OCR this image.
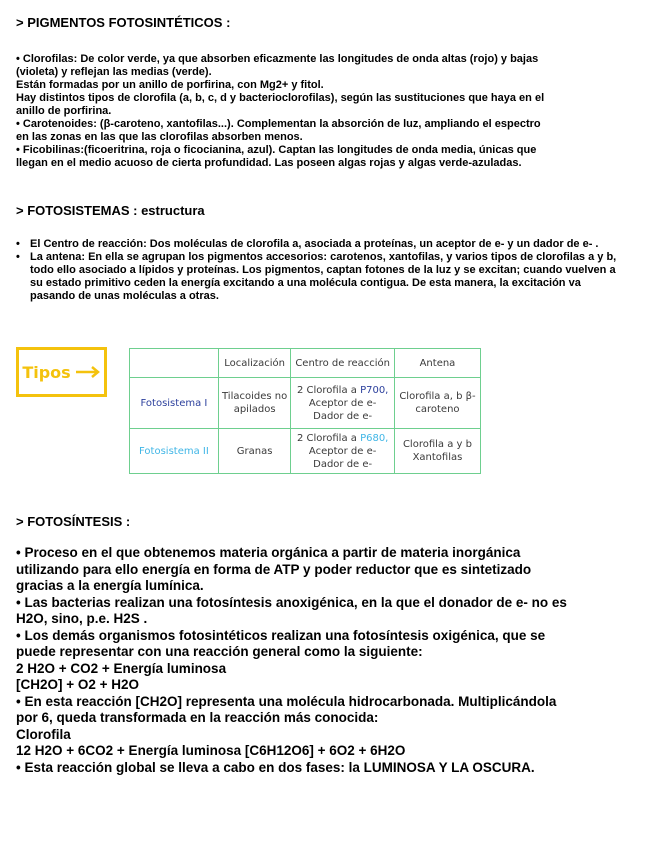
> PIGMENTOS FOTOSINTÉTICOS :
• Clorofilas: De color verde, ya que absorben eficazmente las longitudes de onda altas (rojo) y bajas
(violeta) y reflejan las medias (verde).
Están formadas por un anillo de porfirina, con Mg2+ y fitol.
Hay distintos tipos de clorofila (a, b, c, d y bacterioclorofilas), según las sustituciones que haya en el
anillo de porfirina.
• Carotenoides: (β-caroteno, xantofilas...). Complementan la absorción de luz, ampliando el espectro
en las zonas en las que las clorofilas absorben menos.
• Ficobilinas:(ficoeritrina, roja o ficocianina, azul). Captan las longitudes de onda media, únicas que
llegan en el medio acuoso de cierta profundidad. Las poseen algas rojas y algas verde-azuladas.
> FOTOSISTEMAS : estructura
• El Centro de reacción: Dos moléculas de clorofila a, asociada a proteínas, un aceptor de e- y un dador de e- .
• La antena: En ella se agrupan los pigmentos accesorios: carotenos, xantofilas, y varios tipos de clorofilas a y b, todo ello asociado a lípidos y proteínas. Los pigmentos, captan fotones de la luz y se excitan; cuando vuelven a su estado primitivo ceden la energía excitando a una molécula contigua. De esta manera, la excitación va pasando de unas moléculas a otras.
Tipos
		Localización	Centro de reacción	Antena
Fotosistema I	Tilacoides no apilados	2 Clorofila a P700,
Aceptor de e-
Dador de e-	Clorofila a, b β-caroteno
Fotosistema II	Granas	2 Clorofila a P680,
Aceptor de e-
Dador de e-	Clorofila a y b Xantofilas
> FOTOSÍNTESIS :
• Proceso en el que obtenemos materia orgánica a partir de materia inorgánica
utilizando para ello energía en forma de ATP y poder reductor que es sintetizado
gracias a la energía lumínica.
• Las bacterias realizan una fotosíntesis anoxigénica, en la que el donador de e- no es
H2O, sino, p.e. H2S .
• Los demás organismos fotosintéticos realizan una fotosíntesis oxigénica, que se
puede representar con una reacción general como la siguiente:
2 H2O + CO2 + Energía luminosa
[CH2O] + O2 + H2O
• En esta reacción [CH2O] representa una molécula hidrocarbonada. Multiplicándola
por 6, queda transformada en la reacción más conocida:
Clorofila
12 H2O + 6CO2 + Energía luminosa [C6H12O6] + 6O2 + 6H2O
• Esta reacción global se lleva a cabo en dos fases: la LUMINOSA Y LA OSCURA.
